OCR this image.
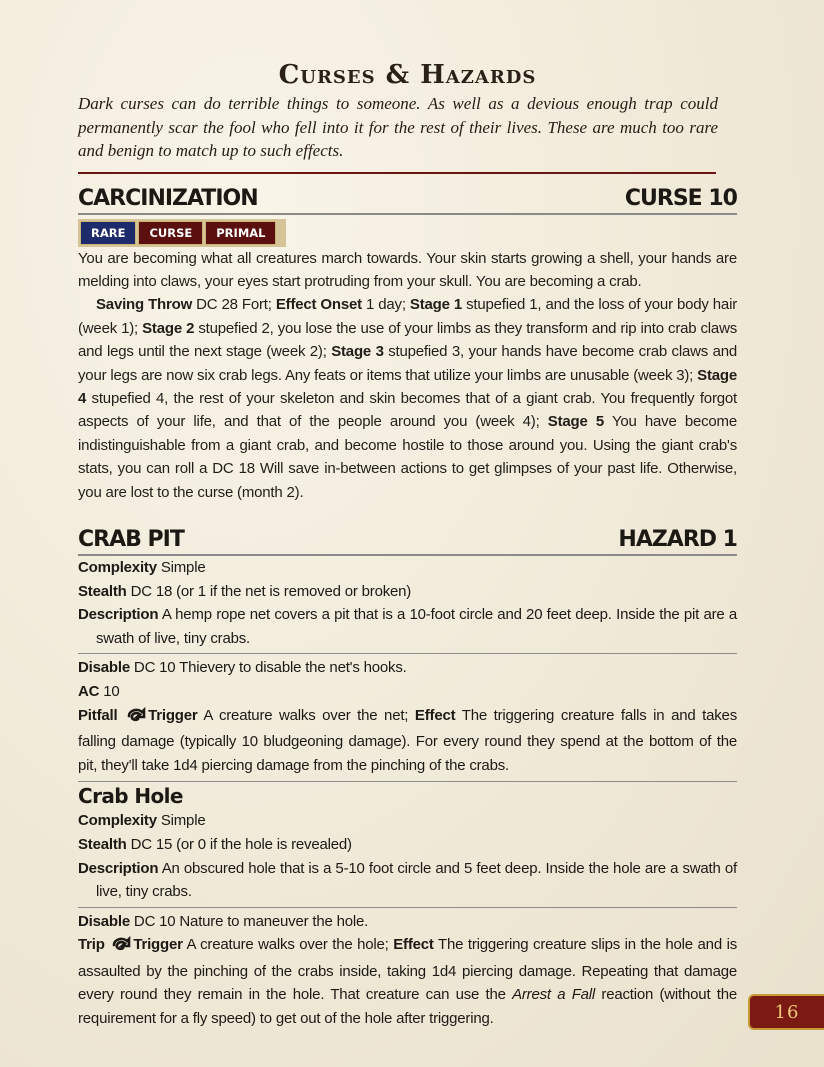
Curses & Hazards

Dark curses can do terrible things to someone. As well as a devious enough trap could permanently scar the fool who fell into it for the rest of their lives. These are much too rare and benign to match up to such effects.

CARCINIZATION	CURSE 10
RARE	CURSE	PRIMAL

You are becoming what all creatures march towards. Your skin starts growing a shell, your hands are melding into claws, your eyes start protruding from your skull. You are becoming a crab.

Saving Throw DC 28 Fort; Effect Onset 1 day; Stage 1 stupefied 1, and the loss of your body hair (week 1); Stage 2 stupefied 2, you lose the use of your limbs as they transform and rip into crab claws and legs until the next stage (week 2); Stage 3 stupefied 3, your hands have become crab claws and your legs are now six crab legs. Any feats or items that utilize your limbs are unusable (week 3); Stage 4 stupefied 4, the rest of your skeleton and skin becomes that of a giant crab. You frequently forgot aspects of your life, and that of the people around you (week 4); Stage 5 You have become indistinguishable from a giant crab, and become hostile to those around you. Using the giant crab's stats, you can roll a DC 18 Will save in-between actions to get glimpses of your past life. Otherwise, you are lost to the curse (month 2).

CRAB PIT	HAZARD 1

Complexity Simple

Stealth DC 18 (or 1 if the net is removed or broken)

Description A hemp rope net covers a pit that is a 10-foot circle and 20 feet deep. Inside the pit are a swath of live, tiny crabs.

Disable DC 10 Thievery to disable the net's hooks.

AC 10

Pitfall Trigger A creature walks over the net; Effect The triggering creature falls in and takes falling damage (typically 10 bludgeoning damage). For every round they spend at the bottom of the pit, they'll take 1d4 piercing damage from the pinching of the crabs.

Crab Hole

Complexity Simple

Stealth DC 15 (or 0 if the hole is revealed)

Description An obscured hole that is a 5-10 foot circle and 5 feet deep. Inside the hole are a swath of live, tiny crabs.

Disable DC 10 Nature to maneuver the hole.

Trip Trigger A creature walks over the hole; Effect The triggering creature slips in the hole and is assaulted by the pinching of the crabs inside, taking 1d4 piercing damage. Repeating that damage every round they remain in the hole. That creature can use the Arrest a Fall reaction (without the requirement for a fly speed) to get out of the hole after triggering.	16
